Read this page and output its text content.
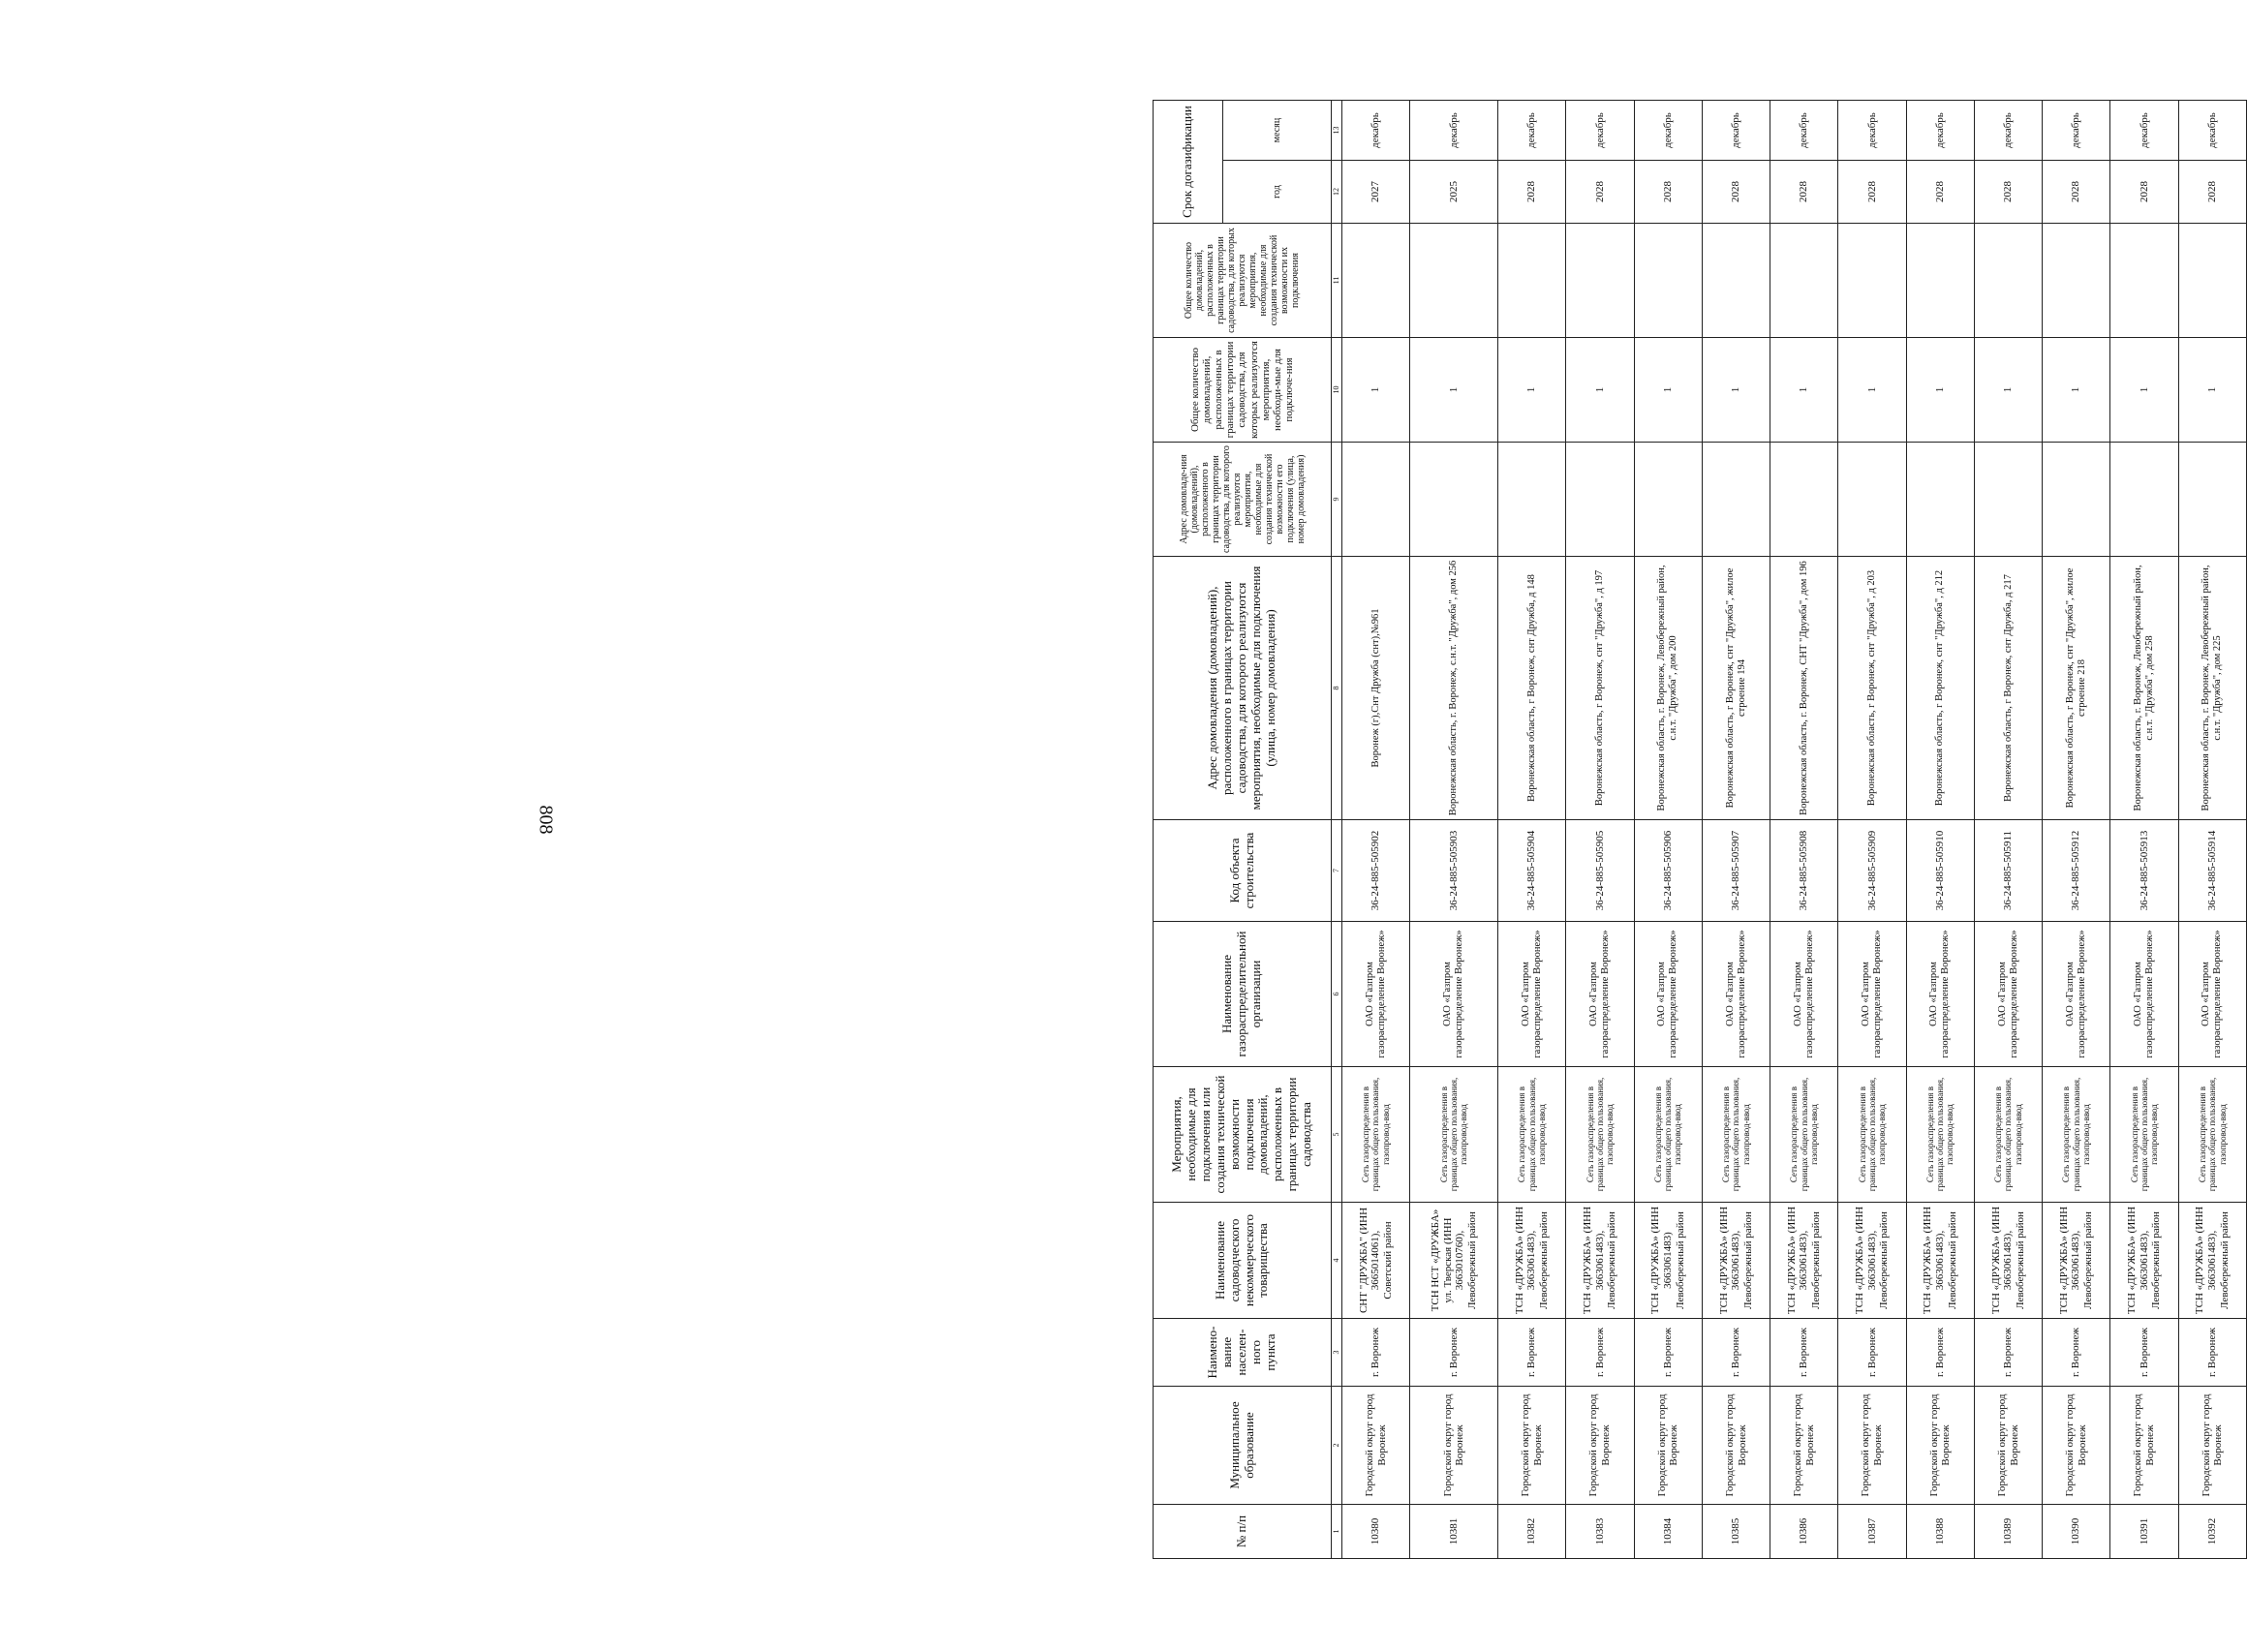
808
№ п/п	Муниципальное образование	Наимено-вание населен-ного пункта	Наименование садоводческого некоммерческого товарищества	Мероприятия, необходимые для подключения или создания технической возможности подключения домовладений, расположенных в границах территории садоводства	Наименование газораспределительной организации	Код объекта строительства	Адрес домовладения (домовладений), расположенного в границах территории садоводства, для которого реализуются мероприятия, необходимые для подключения (улица, номер домовладения)	Адрес домовладе-ния (домовладений), расположенного в границах территории садоводства, для которого реализуются мероприятия, необходимые для создания технической возможности его подключения (улица, номер домовладения)	Общее количество домовладений, расположенных в границах территории садоводства, для которых реализуются мероприятия, необходи-мые для подключе-ния	Общее количество домовладений, расположенных в границах территории садоводства, для которых реализуются мероприятия, необходимые для создания технической возможности их подключения	Срок догазификации	
											год	месяц
1	2	3	4	5	6	7	8	9	10	11	12	13
10380	Городской округ город Воронеж	г. Воронеж	СНТ "ДРУЖБА" (ИНН 3665014061), Советский район	Сеть газораспределения в границах общего пользования, газопровод-ввод	ОАО «Газпром газораспределение Воронеж»	36-24-885-505902	Воронеж (г),Снт Дружба (снт),№961		1		2027	декабрь
10381	Городской округ город Воронеж	г. Воронеж	ТСН НСТ «ДРУЖБА» ул. Тверская (ИНН 3663010760), Левобережный район	Сеть газораспределения в границах общего пользования, газопровод-ввод	ОАО «Газпром газораспределение Воронеж»	36-24-885-505903	Воронежская область, г. Воронеж, с.н.т. "Дружба", дом 256		1		2025	декабрь
10382	Городской округ город Воронеж	г. Воронеж	ТСН «ДРУЖБА» (ИНН 3663061483), Левобережный район	Сеть газораспределения в границах общего пользования, газопровод-ввод	ОАО «Газпром газораспределение Воронеж»	36-24-885-505904	Воронежская область, г Воронеж, снт Дружба, д 148		1		2028	декабрь
10383	Городской округ город Воронеж	г. Воронеж	ТСН «ДРУЖБА» (ИНН 3663061483), Левобережный район	Сеть газораспределения в границах общего пользования, газопровод-ввод	ОАО «Газпром газораспределение Воронеж»	36-24-885-505905	Воронежская область, г Воронеж, снт "Дружба", д 197		1		2028	декабрь
10384	Городской округ город Воронеж	г. Воронеж	ТСН «ДРУЖБА» (ИНН 3663061483) Левобережный район	Сеть газораспределения в границах общего пользования, газопровод-ввод	ОАО «Газпром газораспределение Воронеж»	36-24-885-505906	Воронежская область, г. Воронеж, Левобережный район, с.н.т. "Дружба", дом 200		1		2028	декабрь
10385	Городской округ город Воронеж	г. Воронеж	ТСН «ДРУЖБА» (ИНН 3663061483), Левобережный район	Сеть газораспределения в границах общего пользования, газопровод-ввод	ОАО «Газпром газораспределение Воронеж»	36-24-885-505907	Воронежская область, г Воронеж, снт "Дружба", жилое строение 194		1		2028	декабрь
10386	Городской округ город Воронеж	г. Воронеж	ТСН «ДРУЖБА» (ИНН 3663061483), Левобережный район	Сеть газораспределения в границах общего пользования, газопровод-ввод	ОАО «Газпром газораспределение Воронеж»	36-24-885-505908	Воронежская область, г. Воронеж, СНТ "Дружба", дом 196		1		2028	декабрь
10387	Городской округ город Воронеж	г. Воронеж	ТСН «ДРУЖБА» (ИНН 3663061483), Левобережный район	Сеть газораспределения в границах общего пользования, газопровод-ввод	ОАО «Газпром газораспределение Воронеж»	36-24-885-505909	Воронежская область, г Воронеж, снт "Дружба", д 203		1		2028	декабрь
10388	Городской округ город Воронеж	г. Воронеж	ТСН «ДРУЖБА» (ИНН 3663061483), Левобережный район	Сеть газораспределения в границах общего пользования, газопровод-ввод	ОАО «Газпром газораспределение Воронеж»	36-24-885-505910	Воронежская область, г Воронеж, снт "Дружба", д 212		1		2028	декабрь
10389	Городской округ город Воронеж	г. Воронеж	ТСН «ДРУЖБА» (ИНН 3663061483), Левобережный район	Сеть газораспределения в границах общего пользования, газопровод-ввод	ОАО «Газпром газораспределение Воронеж»	36-24-885-505911	Воронежская область, г Воронеж, снт Дружба, д 217		1		2028	декабрь
10390	Городской округ город Воронеж	г. Воронеж	ТСН «ДРУЖБА» (ИНН 3663061483), Левобережный район	Сеть газораспределения в границах общего пользования, газопровод-ввод	ОАО «Газпром газораспределение Воронеж»	36-24-885-505912	Воронежская область, г Воронеж, снт "Дружба", жилое строение 218		1		2028	декабрь
10391	Городской округ город Воронеж	г. Воронеж	ТСН «ДРУЖБА» (ИНН 3663061483), Левобережный район	Сеть газораспределения в границах общего пользования, газопровод-ввод	ОАО «Газпром газораспределение Воронеж»	36-24-885-505913	Воронежская область, г. Воронеж, Левобережный район, с.н.т. "Дружба", дом 258		1		2028	декабрь
10392	Городской округ город Воронеж	г. Воронеж	ТСН «ДРУЖБА» (ИНН 3663061483), Левобережный район	Сеть газораспределения в границах общего пользования, газопровод-ввод	ОАО «Газпром газораспределение Воронеж»	36-24-885-505914	Воронежская область, г. Воронеж, Левобережный район, с.н.т. "Дружба", дом 225		1		2028	декабрь
